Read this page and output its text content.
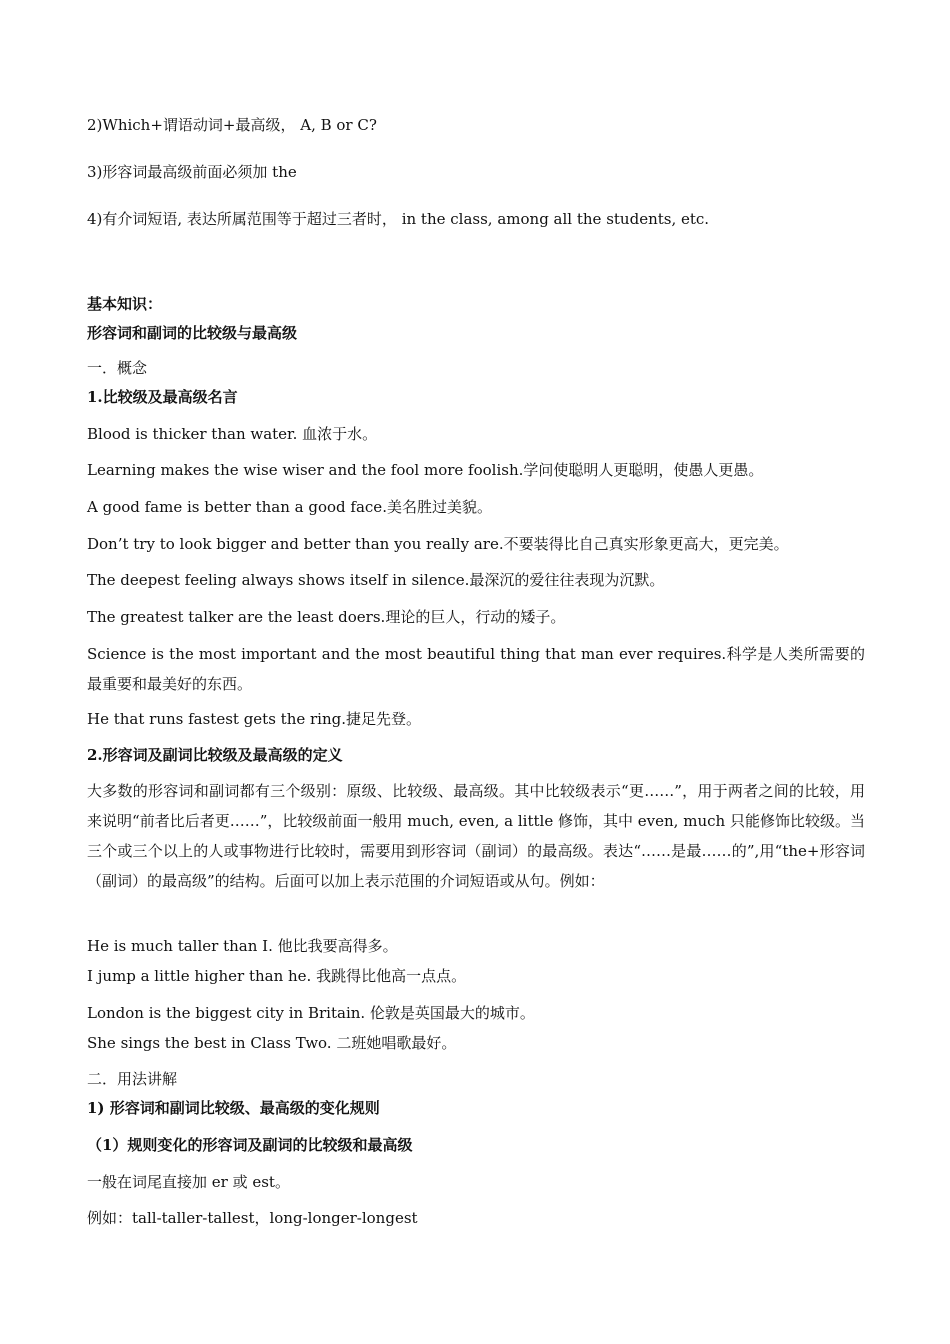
2)Which+谓语动词+最高级， A, B or C?
3)形容词最高级前面必须加 the
4)有介词短语, 表达所属范围等于超过三者时， in the class, among all the students, etc.
基本知识：
形容词和副词的比较级与最高级
一．概念
1.比较级及最高级名言
Blood is thicker than water. 血浓于水。
Learning makes the wise wiser and the fool more foolish.学问使聪明人更聪明，使愚人更愚。
A good fame is better than a good face.美名胜过美貌。
Don’t try to look bigger and better than you really are.不要装得比自己真实形象更高大，更完美。
The deepest feeling always shows itself in silence.最深沉的爱往往表现为沉默。
The greatest talker are the least doers.理论的巨人，行动的矮子。
Science is the most important and the most beautiful thing that man ever requires.科学是人类所需要的最重要和最美好的东西。
He that runs fastest gets the ring.捷足先登。
2.形容词及副词比较级及最高级的定义
大多数的形容词和副词都有三个级别：原级、比较级、最高级。其中比较级表示“更……”，用于两者之间的比较，用来说明“前者比后者更……”，比较级前面一般用 much, even, a little 修饰，其中 even, much 只能修饰比较级。当三个或三个以上的人或事物进行比较时，需要用到形容词（副词）的最高级。表达“……是最……的”,用“the+形容词（副词）的最高级”的结构。后面可以加上表示范围的介词短语或从句。例如：
He is much taller than I. 他比我要高得多。
I jump a little higher than he. 我跳得比他高一点点。
London is the biggest city in Britain. 伦敦是英国最大的城市。
She sings the best in Class Two. 二班她唱歌最好。
二．用法讲解
1) 形容词和副词比较级、最高级的变化规则
（1）规则变化的形容词及副词的比较级和最高级
一般在词尾直接加 er 或 est。
例如：tall-taller-tallest，long-longer-longest
